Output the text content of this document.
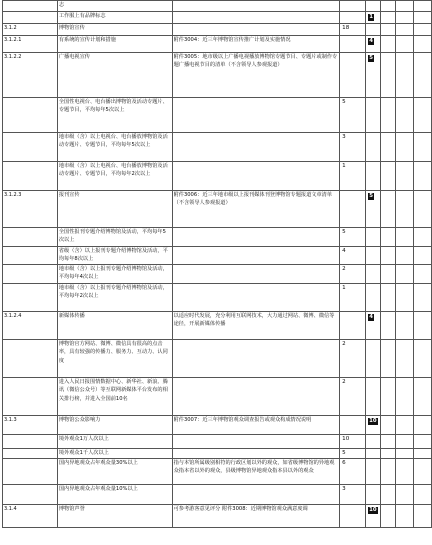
	志						
	工作服上有品牌标志			1			
3.1.2	博物馆宣传		18				
3.1.2.1	有系统的宣传计划和措施	附件3004：近三年博物馆宣传推广计划及实施情况		4			
3.1.2.2	广播电视宣传	附件3005：地市级以上广播电视播放博物馆专题节目、专题片或制作专题广播电视节目的清单（不含领导人参观报道）		5			
	全国性电视台、电台播出博物馆及活动专题片、专题节目，平均每年5次以上		5				
	地市级（含）以上电视台、电台播放博物馆及活动专题片、专题节目，平均每年5次以上		3				
	地市级（含）以上电视台、电台播放博物馆及活动专题片、专题节目，平均每年2次以上		1				
3.1.2.3	报刊宣传	附件3006：近三年地市级以上报刊媒体刊登博物馆专题报道文章清单（不含领导人参观报道）		5			
	全国性报刊专题介绍博物馆及活动，平均每年5次以上		5				
	省级（含）以上报刊专题介绍博物馆及活动，平均每年8次以上		4				
	地市级（含）以上报刊专题介绍博物馆及活动，平均每年4次以上		2				
	地市级（含）以上报刊专题介绍博物馆及活动，平均每年2次以上		1				
3.1.2.4	新媒体传播	以适应时代发展，充分利用互联网技术，大力通过网站、微博、微信等途径，开展新媒体传播		4			
	博物馆官方网站、微博、微信具有很高的点击率，具有较强的传播力、服务力、互动力、认同度		2				
	进入人民日报围情数据中心、新华社、新浪、腾讯（微信公众号）等互联网新媒体平台发布的相关排行榜，并进入全国前10名		2				
3.1.3	博物馆公众影响力	附件3007：近三年博物馆观众调查报告或观众构成情况说明		10			
	境外观众1万人次以上		10				
	境外观众1千人次以上		5				
	国内异地观众占年观众量30%以上	指与本馆所属级别相符的行政区划以外的观众，如省级博物馆的异地观众指本省以外的观众，县级博物馆异地观众指本县以外的观众	6				
	国内异地观众占年观众量10%以上		3				
3.1.4	博物馆声誉	可参考游客意见评分 附件3008：近期博物馆观众满意度调		10			
